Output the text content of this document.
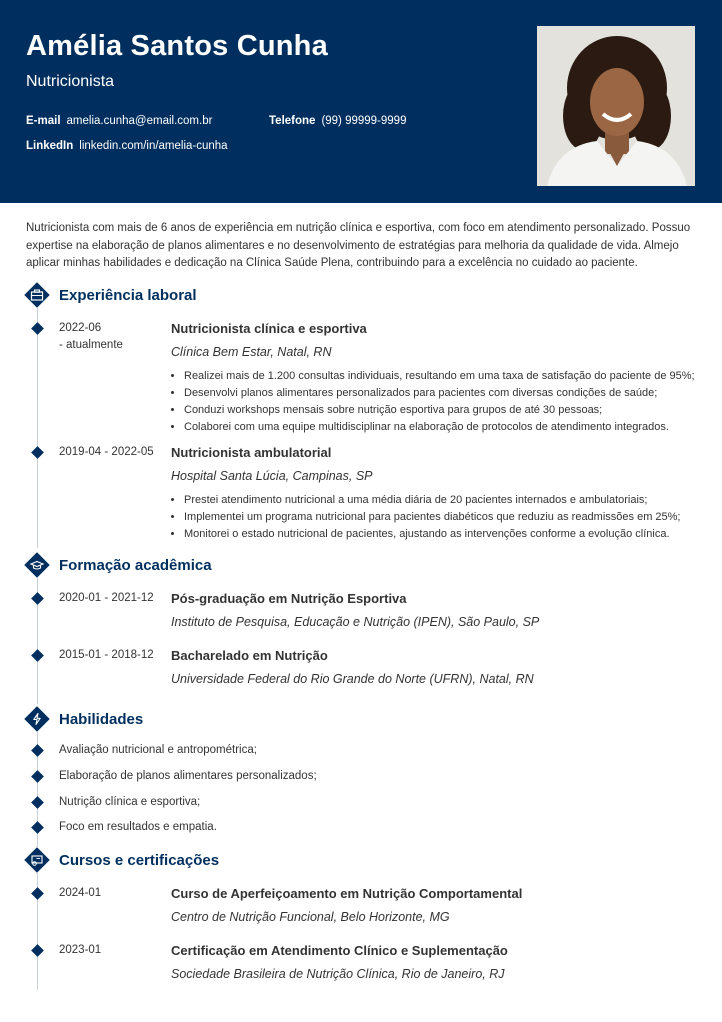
Amélia Santos Cunha
Nutricionista
E-mail amelia.cunha@email.com.br	Telefone (99) 99999-9999
LinkedIn linkedin.com/in/amelia-cunha
Nutricionista com mais de 6 anos de experiência em nutrição clínica e esportiva, com foco em atendimento personalizado. Possuo expertise na elaboração de planos alimentares e no desenvolvimento de estratégias para melhoria da qualidade de vida. Almejo aplicar minhas habilidades e dedicação na Clínica Saúde Plena, contribuindo para a excelência no cuidado ao paciente.
Experiência laboral
2022-06
- atualmente
Nutricionista clínica e esportiva
Clínica Bem Estar, Natal, RN
• Realizei mais de 1.200 consultas individuais, resultando em uma taxa de satisfação do paciente de 95%;
• Desenvolvi planos alimentares personalizados para pacientes com diversas condições de saúde;
• Conduzi workshops mensais sobre nutrição esportiva para grupos de até 30 pessoas;
• Colaborei com uma equipe multidisciplinar na elaboração de protocolos de atendimento integrados.
2019-04 - 2022-05 Nutricionista ambulatorial
Hospital Santa Lúcia, Campinas, SP
• Prestei atendimento nutricional a uma média diária de 20 pacientes internados e ambulatoriais;
• Implementei um programa nutricional para pacientes diabéticos que reduziu as readmissões em 25%;
• Monitorei o estado nutricional de pacientes, ajustando as intervenções conforme a evolução clínica.
Formação acadêmica
2020-01 - 2021-12 Pós-graduação em Nutrição Esportiva
Instituto de Pesquisa, Educação e Nutrição (IPEN), São Paulo, SP
2015-01 - 2018-12 Bacharelado em Nutrição
Universidade Federal do Rio Grande do Norte (UFRN), Natal, RN
Habilidades
Avaliação nutricional e antropométrica;
Elaboração de planos alimentares personalizados;
Nutrição clínica e esportiva;
Foco em resultados e empatia.
Cursos e certificações
2024-01	Curso de Aperfeiçoamento em Nutrição Comportamental
Centro de Nutrição Funcional, Belo Horizonte, MG
2023-01	Certificação em Atendimento Clínico e Suplementação
Sociedade Brasileira de Nutrição Clínica, Rio de Janeiro, RJ
